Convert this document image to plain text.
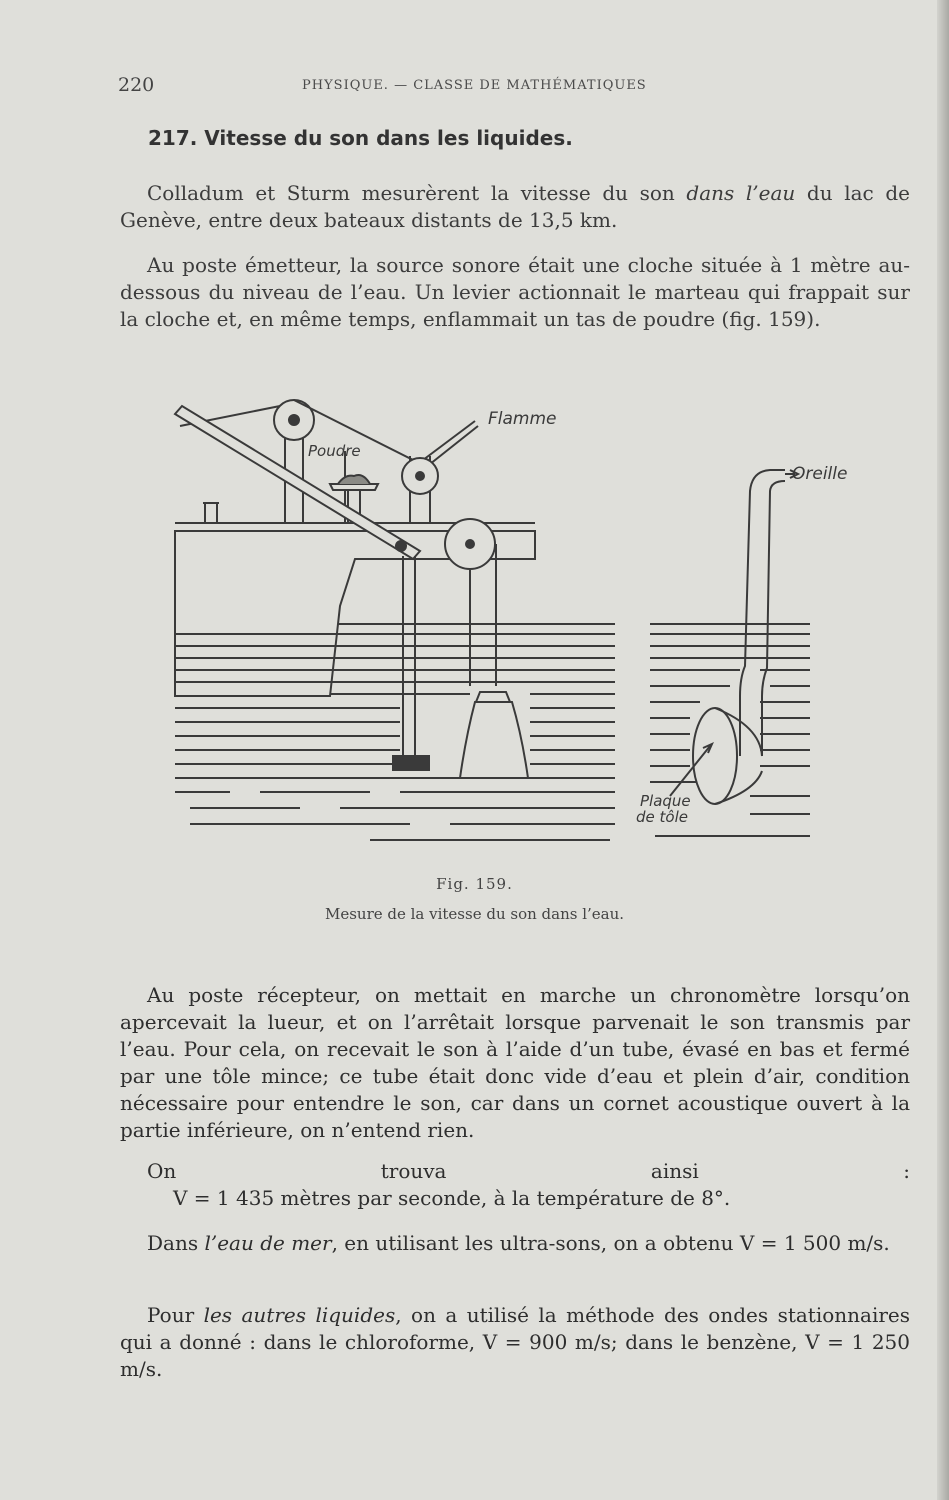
220	PHYSIQUE. — CLASSE DE MATHÉMATIQUES
217. Vitesse du son dans les liquides.

Colladum et Sturm mesurèrent la vitesse du son dans l’eau du lac de Genève, entre deux bateaux distants de 13,5 km.

Au poste émetteur, la source sonore était une cloche située à 1 mètre au-dessous du niveau de l’eau. Un levier actionnait le marteau qui frappait sur la cloche et, en même temps, enflammait un tas de poudre (fig. 159).

Flamme
Poudre
Oreille
Plaque
de tôle
Fig. 159.
Mesure de la vitesse du son dans l’eau.

Au poste récepteur, on mettait en marche un chronomètre lorsqu’on apercevait la lueur, et on l’arrêtait lorsque parvenait le son transmis par l’eau. Pour cela, on recevait le son à l’aide d’un tube, évasé en bas et fermé par une tôle mince; ce tube était donc vide d’eau et plein d’air, condition nécessaire pour entendre le son, car dans un cornet acoustique ouvert à la partie inférieure, on n’entend rien.

On trouva ainsi :V = 1 435 mètres par seconde, à la température de 8°.

Dans l’eau de mer, en utilisant les ultra-sons, on a obtenu V = 1 500 m/s.

Pour les autres liquides, on a utilisé la méthode des ondes stationnaires qui a donné : dans le chloroforme, V = 900 m/s; dans le benzène, V = 1 250 m/s.
